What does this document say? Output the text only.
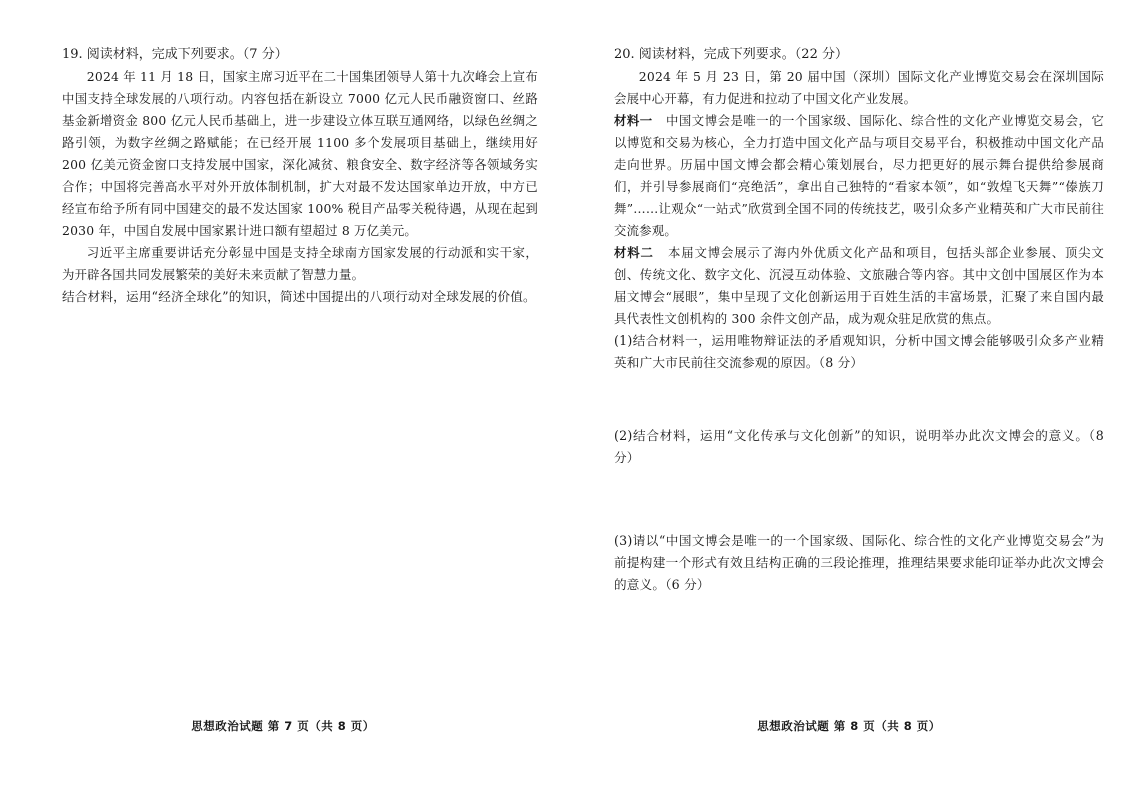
19. 阅读材料，完成下列要求。（7 分）

2024 年 11 月 18 日，国家主席习近平在二十国集团领导人第十九次峰会上宣布中国支持全球发展的八项行动。内容包括在新设立 7000 亿元人民币融资窗口、丝路基金新增资金 800 亿元人民币基础上，进一步建设立体互联互通网络，以绿色丝绸之路引领，为数字丝绸之路赋能；在已经开展 1100 多个发展项目基础上，继续用好 200 亿美元资金窗口支持发展中国家，深化减贫、粮食安全、数字经济等各领域务实合作；中国将完善高水平对外开放体制机制，扩大对最不发达国家单边开放，中方已经宣布给予所有同中国建交的最不发达国家 100% 税目产品零关税待遇，从现在起到 2030 年，中国自发展中国家累计进口额有望超过 8 万亿美元。

习近平主席重要讲话充分彰显中国是支持全球南方国家发展的行动派和实干家，为开辟各国共同发展繁荣的美好未来贡献了智慧力量。

结合材料，运用“经济全球化”的知识，简述中国提出的八项行动对全球发展的价值。

思想政治试题 第 7 页（共 8 页）

20. 阅读材料，完成下列要求。（22 分）

2024 年 5 月 23 日，第 20 届中国（深圳）国际文化产业博览交易会在深圳国际会展中心开幕，有力促进和拉动了中国文化产业发展。

材料一 中国文博会是唯一的一个国家级、国际化、综合性的文化产业博览交易会，它以博览和交易为核心，全力打造中国文化产品与项目交易平台，积极推动中国文化产品走向世界。历届中国文博会都会精心策划展台，尽力把更好的展示舞台提供给参展商们，并引导参展商们“亮绝活”，拿出自己独特的“看家本领”，如“敦煌飞天舞”“傣族刀舞”……让观众“一站式”欣赏到全国不同的传统技艺，吸引众多产业精英和广大市民前往交流参观。

材料二 本届文博会展示了海内外优质文化产品和项目，包括头部企业参展、顶尖文创、传统文化、数字文化、沉浸互动体验、文旅融合等内容。其中文创中国展区作为本届文博会“展眼”，集中呈现了文化创新运用于百姓生活的丰富场景，汇聚了来自国内最具代表性文创机构的 300 余件文创产品，成为观众驻足欣赏的焦点。

(1)结合材料一，运用唯物辩证法的矛盾观知识，分析中国文博会能够吸引众多产业精英和广大市民前往交流参观的原因。（8 分）

(2)结合材料，运用“文化传承与文化创新”的知识，说明举办此次文博会的意义。（8 分）

(3)请以“中国文博会是唯一的一个国家级、国际化、综合性的文化产业博览交易会”为前提构建一个形式有效且结构正确的三段论推理，推理结果要求能印证举办此次文博会的意义。（6 分）

思想政治试题 第 8 页（共 8 页）
